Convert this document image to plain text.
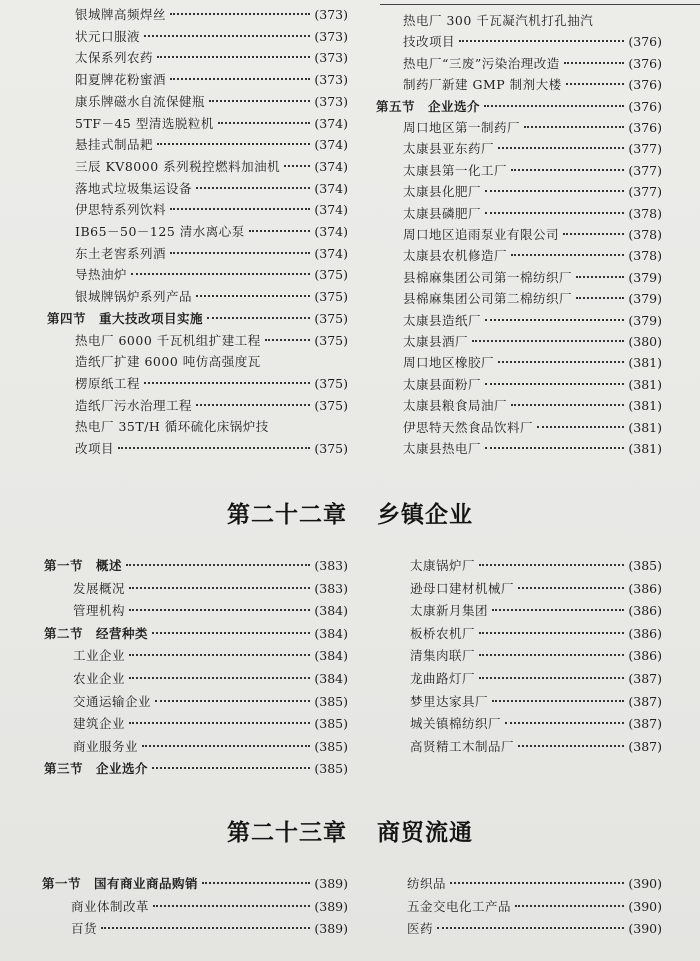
银城牌高频焊丝	(373)
状元口服液	(373)
太保系列农药	(373)
阳夏牌花粉蜜酒	(373)
康乐牌磁水自流保健瓶	(373)
5TF－45 型清选脱粒机	(374)
悬挂式制品耙	(374)
三辰 KV8000 系列税控燃料加油机	(374)
落地式垃圾集运设备	(374)
伊思特系列饮料	(374)
IB65－50－125 清水离心泵	(374)
东土老窖系列酒	(374)
导热油炉	(375)
银城牌锅炉系列产品	(375)
第四节　重大技改项目实施	(375)
热电厂 6000 千瓦机组扩建工程	(375)
造纸厂扩建 6000 吨仿高强度瓦
楞原纸工程	(375)
造纸厂污水治理工程	(375)
热电厂 35T/H 循环硫化床锅炉技
改项目	(375)
热电厂 300 千瓦凝汽机打孔抽汽
技改项目	(376)
热电厂“三废”污染治理改造	(376)
制药厂新建 GMP 制剂大楼	(376)
第五节　企业选介	(376)
周口地区第一制药厂	(376)
太康县亚东药厂	(377)
太康县第一化工厂	(377)
太康县化肥厂	(377)
太康县磷肥厂	(378)
周口地区追雨泵业有限公司	(378)
太康县农机修造厂	(378)
县棉麻集团公司第一棉纺织厂	(379)
县棉麻集团公司第二棉纺织厂	(379)
太康县造纸厂	(379)
太康县酒厂	(380)
周口地区橡胶厂	(381)
太康县面粉厂	(381)
太康县粮食局油厂	(381)
伊思特天然食品饮料厂	(381)
太康县热电厂	(381)
第二十二章 乡镇企业
第一节　概述	(383)
发展概况	(383)
管理机构	(384)
第二节　经营种类	(384)
工业企业	(384)
农业企业	(384)
交通运输企业	(385)
建筑企业	(385)
商业服务业	(385)
第三节　企业选介	(385)
太康锅炉厂	(385)
逊母口建材机械厂	(386)
太康新月集团	(386)
板桥农机厂	(386)
清集肉联厂	(386)
龙曲路灯厂	(387)
梦里达家具厂	(387)
城关镇棉纺织厂	(387)
高贤精工木制品厂	(387)
第二十三章 商贸流通
第一节　国有商业商品购销	(389)
商业体制改革	(389)
百货	(389)
纺织品	(390)
五金交电化工产品	(390)
医药	(390)
